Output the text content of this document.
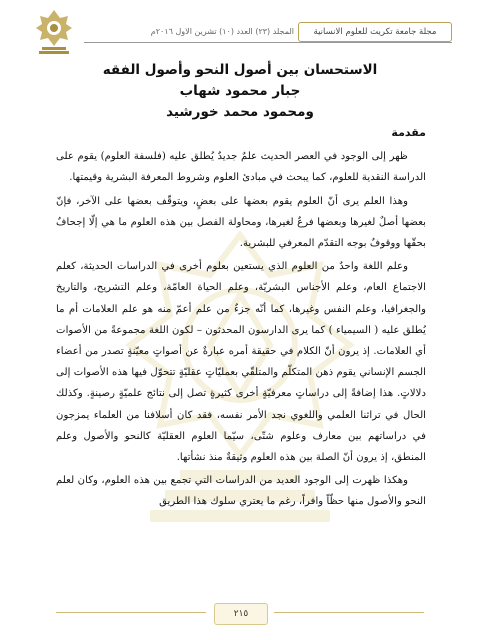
المجلد (٢٣) العدد (١٠) تشرين الاول ٢٠١٦م	مجلة جامعة تكريت للعلوم الانسانية
الاستحسان بين أصول النحو وأصول الفقه
جبار محمود شهاب
ومحمود محمد خورشيد
مقدمة

ظهر إلى الوجود في العصر الحديث علمٌ جديدٌ يُطلق عليه (فلسفة العلوم) يقوم على الدراسة النقدية للعلوم، كما يبحث في مبادئ العلوم وشروط المعرفة البشرية وقيمتها.

وهذا العلم يرى أنّ العلوم يقوم بعضها على بعضٍ، ويتوقّف بعضها على الآخر، فإنّ بعضها أصلٌ لغيرها وبعضها فرعٌ لغيرها، ومحاولة الفصل بين هذه العلوم ما هي إلّا إجحافٌ بحقّها ووقوفٌ بوجه التقدّم المعرفي للبشرية.

وعلم اللغة واحدٌ من العلوم الذي يستعين بعلوم أخرى في الدراسات الحديثة، كعلم الاجتماع العام، وعلم الأجناس البشريّة، وعلم الحياة العامّة، وعلم التشريح، والتاريخ والجغرافيا، وعلم النفس وغيرها، كما أنّه جزءٌ من علم أعمّ منه هو علم العلامات أم ما يُطلق عليه ( السيمياء ) كما يرى الدارسون المحدثون – لكون اللغة مجموعةً من الأصوات أي العلامات. إذ يرون أنّ الكلام في حقيقة أمره عبارةٌ عن أصواتٍ معيّنةٍ تصدر من أعضاء الجسم الإنساني يقوم ذهن المتكلّم والمتلقّي بعمليّاتٍ عقليّةٍ تتحوّل فيها هذه الأصوات إلى دلالاتٍ. هذا إضافةً إلى دراساتٍ معرفيّةٍ أخرى كثيرةٍ تصل إلى نتائج علميّةٍ رصينةٍ. وكذلك الحال في تراثنا العلمي واللغوي نجد الأمر نفسه، فقد كان أسلافنا من العلماء يمزجون في دراساتهم بين معارف وعلوم شتّى، سيّما العلوم العقليّة كالنحو والأصول وعلم المنطق، إذ يرون أنّ الصلة بين هذه العلوم وثيقةٌ منذ نشأتها.

وهكذا ظهرت إلى الوجود العديد من الدراسات التي تجمع بين هذه العلوم، وكان لعلم النحو والأصول منها حظّاً وافراً، رغم ما يعتري سلوك هذا الطريق

٢١٥
